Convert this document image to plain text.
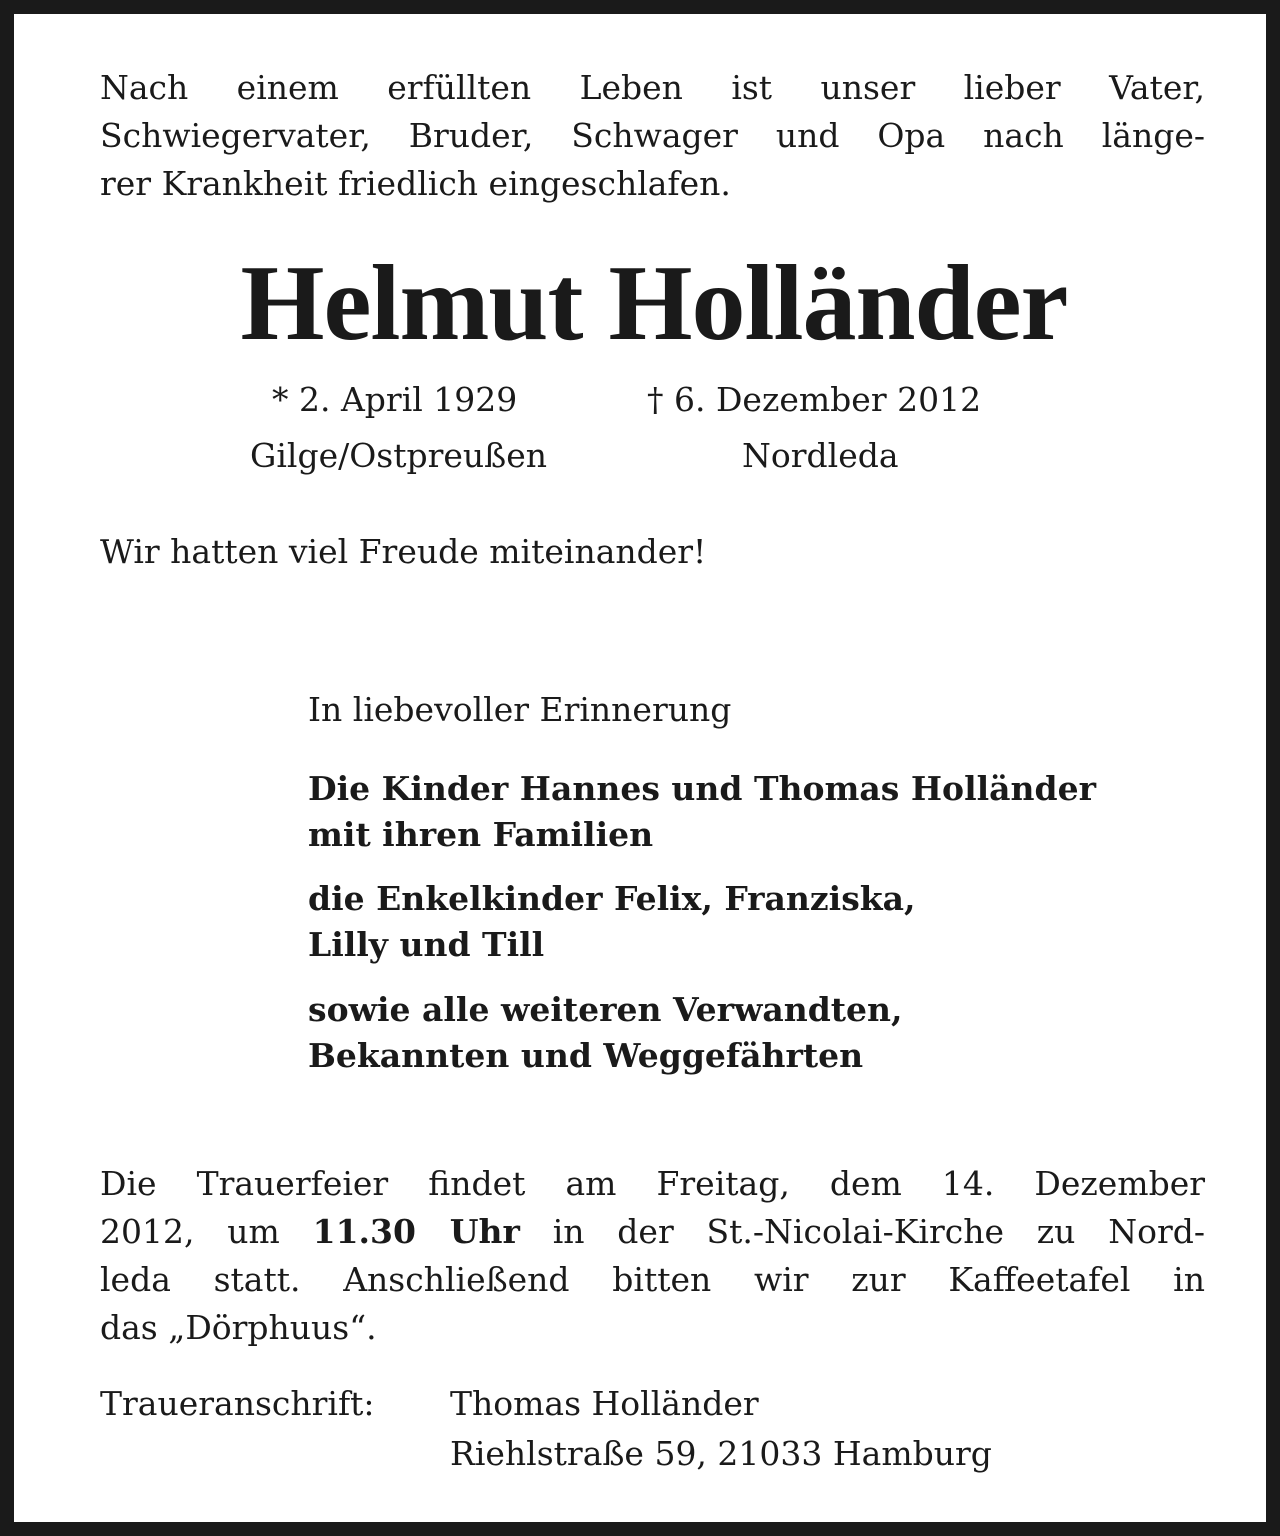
Nach einem erfüllten Leben ist unser lieber Vater,
Schwiegervater, Bruder, Schwager und Opa nach länge-
rer Krankheit friedlich eingeschlafen.
Helmut Holländer
* 2. April 1929	† 6. Dezember 2012
Gilge/Ostpreußen	Nordleda
Wir hatten viel Freude miteinander!
In liebevoller Erinnerung
Die Kinder Hannes und Thomas Holländer
mit ihren Familien
die Enkelkinder Felix, Franziska,
Lilly und Till
sowie alle weiteren Verwandten,
Bekannten und Weggefährten
Die Trauerfeier findet am Freitag, dem 14. Dezember
2012, um 11.30 Uhr in der St.-Nicolai-Kirche zu Nord-
leda statt. Anschließend bitten wir zur Kaffeetafel in
das „Dörphuus“.
Traueranschrift: Thomas Holländer
Riehlstraße 59, 21033 Hamburg
